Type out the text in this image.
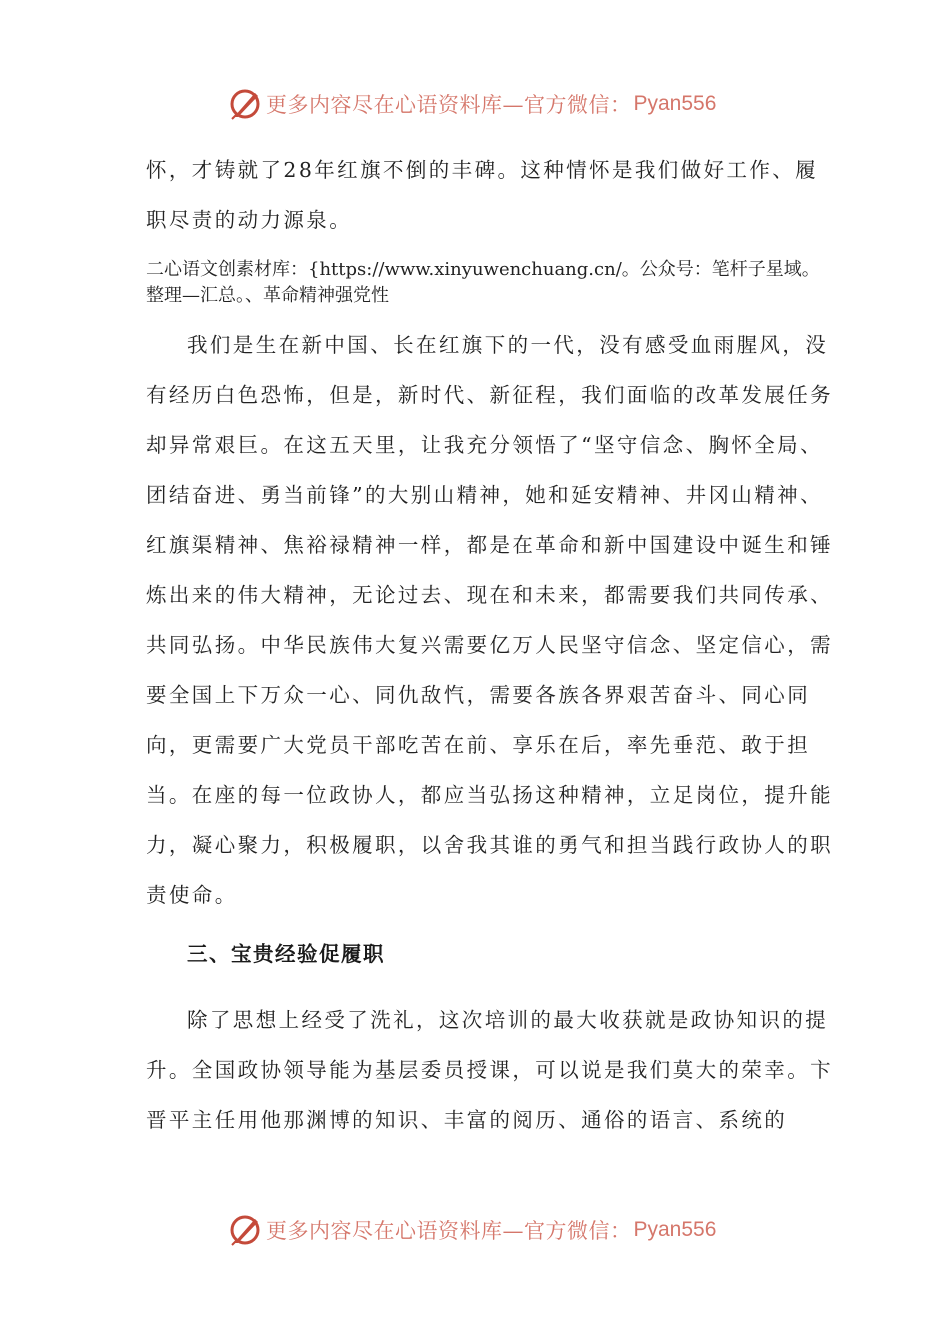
更多内容尽在心语资料库—官方微信： Pyan556

怀，才铸就了28年红旗不倒的丰碑。这种情怀是我们做好工作、履职尽责的动力源泉。

二心语文创素材库：{https://www.xinyuwenchuang.cn/。公众号：笔杆子星域。整理—汇总。、革命精神强党性

我们是生在新中国、长在红旗下的一代，没有感受血雨腥风，没有经历白色恐怖，但是，新时代、新征程，我们面临的改革发展任务却异常艰巨。在这五天里，让我充分领悟了“坚守信念、胸怀全局、团结奋进、勇当前锋”的大别山精神，她和延安精神、井冈山精神、红旗渠精神、焦裕禄精神一样，都是在革命和新中国建设中诞生和锤炼出来的伟大精神，无论过去、现在和未来，都需要我们共同传承、共同弘扬。中华民族伟大复兴需要亿万人民坚守信念、坚定信心，需要全国上下万众一心、同仇敌忾，需要各族各界艰苦奋斗、同心同向，更需要广大党员干部吃苦在前、享乐在后，率先垂范、敢于担当。在座的每一位政协人，都应当弘扬这种精神，立足岗位，提升能力，凝心聚力，积极履职，以舍我其谁的勇气和担当践行政协人的职责使命。

三、宝贵经验促履职

除了思想上经受了洗礼，这次培训的最大收获就是政协知识的提升。全国政协领导能为基层委员授课，可以说是我们莫大的荣幸。卞晋平主任用他那渊博的知识、丰富的阅历、通俗的语言、系统的

更多内容尽在心语资料库—官方微信： Pyan556
